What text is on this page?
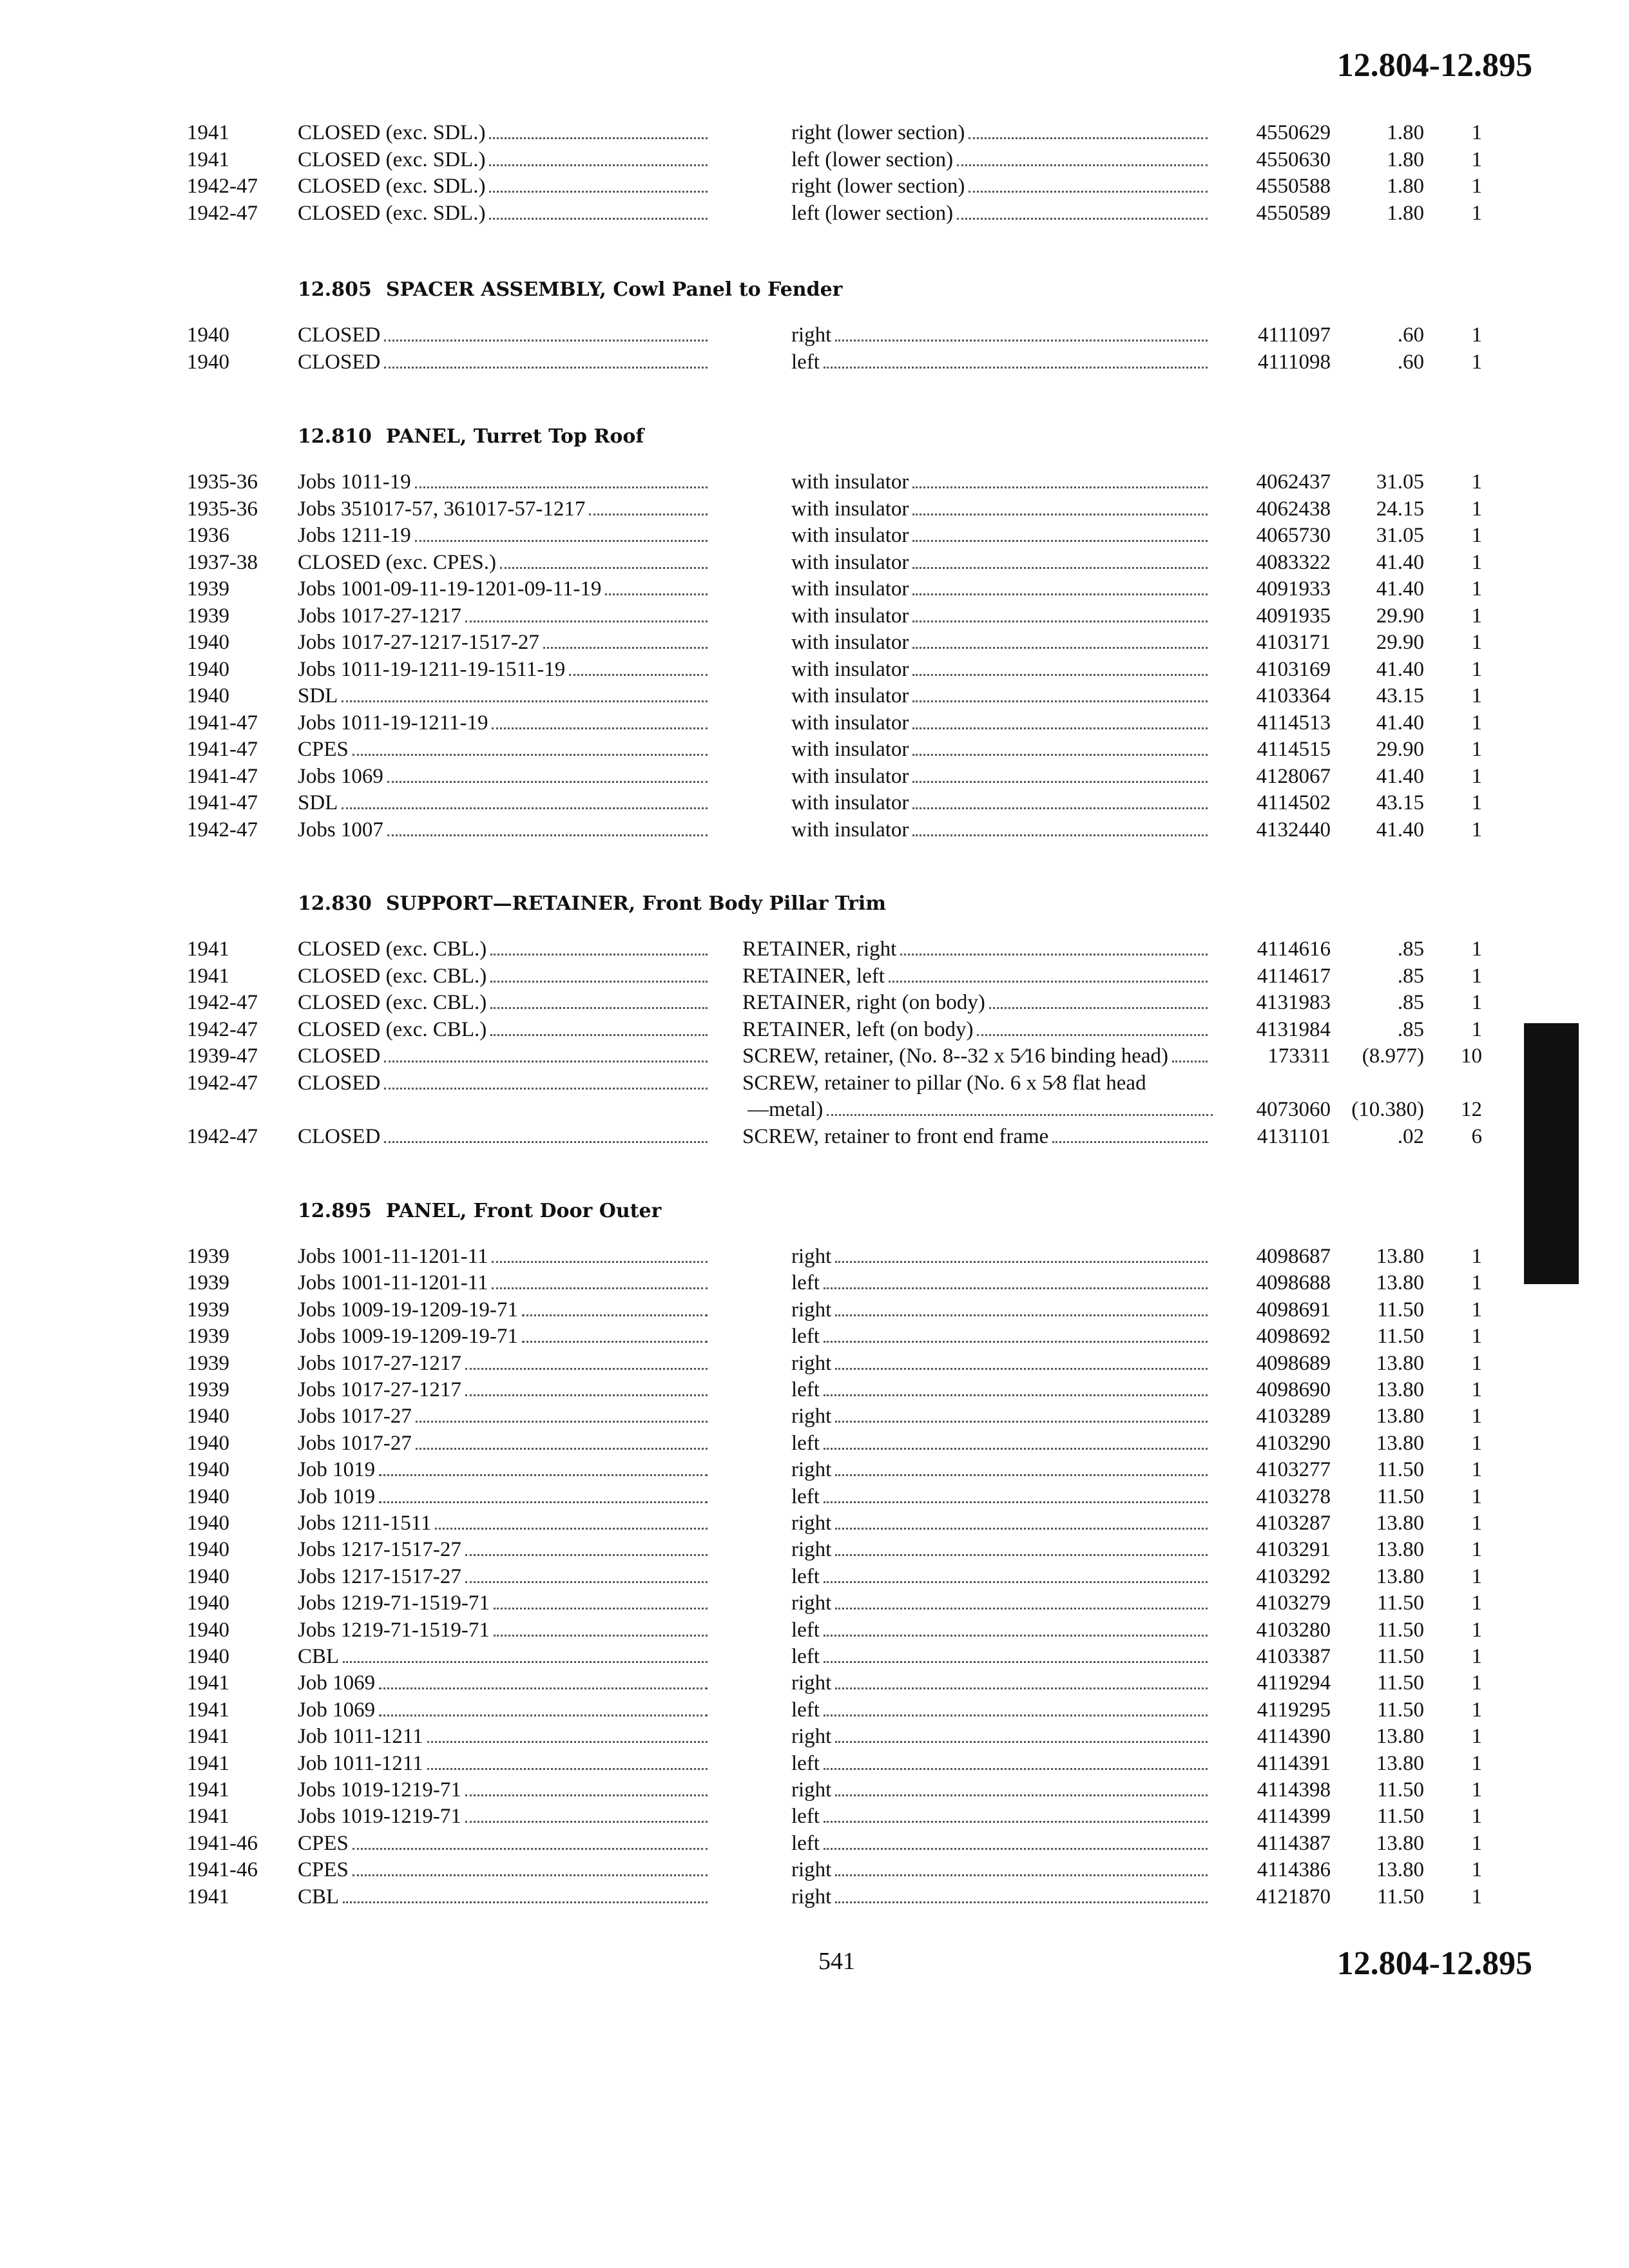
12.804-12.895
1941	CLOSED (exc. SDL.)	right (lower section)	4550629	1.80	1
1941	CLOSED (exc. SDL.)	left (lower section)	4550630	1.80	1
1942-47	CLOSED (exc. SDL.)	right (lower section)	4550588	1.80	1
1942-47	CLOSED (exc. SDL.)	left (lower section)	4550589	1.80	1
12.805 SPACER ASSEMBLY, Cowl Panel to Fender
1940	CLOSED	right	4111097	.60	1
1940	CLOSED	left	4111098	.60	1
12.810 PANEL, Turret Top Roof
1935-36	Jobs 1011-19	with insulator	4062437	31.05	1
1935-36	Jobs 351017-57, 361017-57-1217	with insulator	4062438	24.15	1
1936	Jobs 1211-19	with insulator	4065730	31.05	1
1937-38	CLOSED (exc. CPES.)	with insulator	4083322	41.40	1
1939	Jobs 1001-09-11-19-1201-09-11-19	with insulator	4091933	41.40	1
1939	Jobs 1017-27-1217	with insulator	4091935	29.90	1
1940	Jobs 1017-27-1217-1517-27	with insulator	4103171	29.90	1
1940	Jobs 1011-19-1211-19-1511-19	with insulator	4103169	41.40	1
1940	SDL	with insulator	4103364	43.15	1
1941-47	Jobs 1011-19-1211-19	with insulator	4114513	41.40	1
1941-47	CPES	with insulator	4114515	29.90	1
1941-47	Jobs 1069	with insulator	4128067	41.40	1
1941-47	SDL	with insulator	4114502	43.15	1
1942-47	Jobs 1007	with insulator	4132440	41.40	1
12.830 SUPPORT—RETAINER, Front Body Pillar Trim
1941	CLOSED (exc. CBL.)	RETAINER, right	4114616	.85	1
1941	CLOSED (exc. CBL.)	RETAINER, left	4114617	.85	1
1942-47	CLOSED (exc. CBL.)	RETAINER, right (on body)	4131983	.85	1
1942-47	CLOSED (exc. CBL.)	RETAINER, left (on body)	4131984	.85	1
1939-47	CLOSED	SCREW, retainer, (No. 8--32 x 5⁄16 binding head)	173311	(8.977)	10
1942-47	CLOSED	SCREW, retainer to pillar (No. 6 x 5⁄8 flat head
—metal)	4073060 (10.380)	12
1942-47	CLOSED	SCREW, retainer to front end frame	4131101	.02	6
12.895 PANEL, Front Door Outer
1939	Jobs 1001-11-1201-11	right	4098687	13.80	1
1939	Jobs 1001-11-1201-11	left	4098688	13.80	1
1939	Jobs 1009-19-1209-19-71	right	4098691	11.50	1
1939	Jobs 1009-19-1209-19-71	left	4098692	11.50	1
1939	Jobs 1017-27-1217	right	4098689	13.80	1
1939	Jobs 1017-27-1217	left	4098690	13.80	1
1940	Jobs 1017-27	right	4103289	13.80	1
1940	Jobs 1017-27	left	4103290	13.80	1
1940	Job 1019	right	4103277	11.50	1
1940	Job 1019	left	4103278	11.50	1
1940	Jobs 1211-1511	right	4103287	13.80	1
1940	Jobs 1217-1517-27	right	4103291	13.80	1
1940	Jobs 1217-1517-27	left	4103292	13.80	1
1940	Jobs 1219-71-1519-71	right	4103279	11.50	1
1940	Jobs 1219-71-1519-71	left	4103280	11.50	1
1940	CBL	left	4103387	11.50	1
1941	Job 1069	right	4119294	11.50	1
1941	Job 1069	left	4119295	11.50	1
1941	Job 1011-1211	right	4114390	13.80	1
1941	Job 1011-1211	left	4114391	13.80	1
1941	Jobs 1019-1219-71	right	4114398	11.50	1
1941	Jobs 1019-1219-71	left	4114399	11.50	1
1941-46	CPES	left	4114387	13.80	1
1941-46	CPES	right	4114386	13.80	1
1941	CBL	right	4121870	11.50	1
541	12.804-12.895
